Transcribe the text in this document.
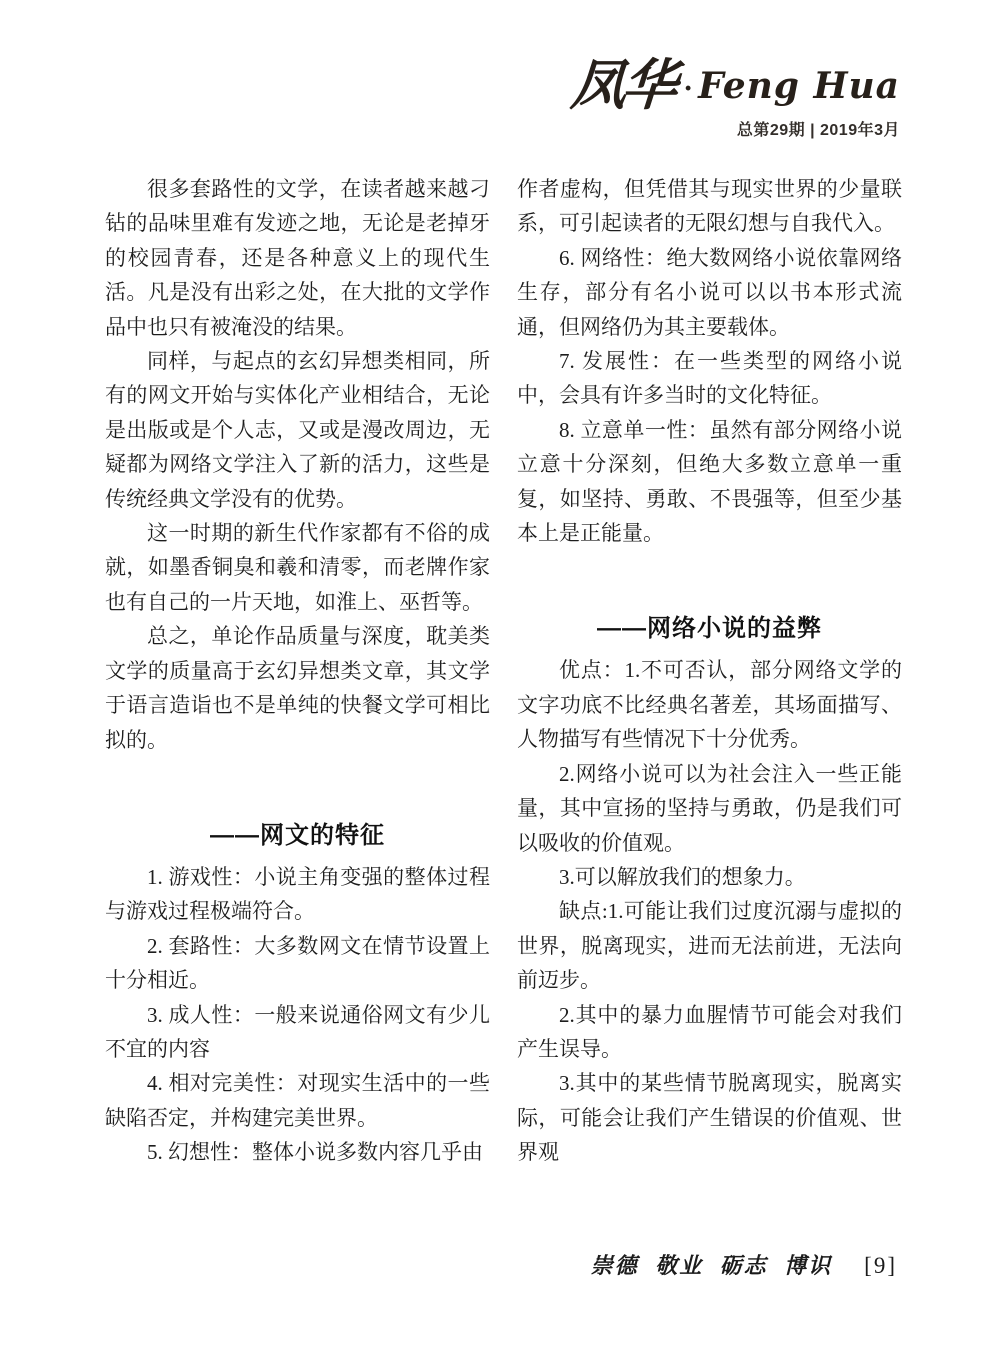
凤华 · Feng Hua
总第29期 | 2019年3月

很多套路性的文学，在读者越来越刁钻的品味里难有发迹之地，无论是老掉牙的校园青春，还是各种意义上的现代生活。凡是没有出彩之处，在大批的文学作品中也只有被淹没的结果。

同样，与起点的玄幻异想类相同，所有的网文开始与实体化产业相结合，无论是出版或是个人志，又或是漫改周边，无疑都为网络文学注入了新的活力，这些是传统经典文学没有的优势。

这一时期的新生代作家都有不俗的成就，如墨香铜臭和羲和清零，而老牌作家也有自己的一片天地，如淮上、巫哲等。

总之，单论作品质量与深度，耽美类文学的质量高于玄幻异想类文章，其文学于语言造诣也不是单纯的快餐文学可相比拟的。

——网文的特征

1. 游戏性：小说主角变强的整体过程与游戏过程极端符合。

2. 套路性：大多数网文在情节设置上十分相近。

3. 成人性：一般来说通俗网文有少儿不宜的内容

4. 相对完美性：对现实生活中的一些缺陷否定，并构建完美世界。

5. 幻想性：整体小说多数内容几乎由

作者虚构，但凭借其与现实世界的少量联系，可引起读者的无限幻想与自我代入。

6. 网络性：绝大数网络小说依靠网络生存，部分有名小说可以以书本形式流通，但网络仍为其主要载体。

7. 发展性：在一些类型的网络小说中，会具有许多当时的文化特征。

8. 立意单一性：虽然有部分网络小说立意十分深刻，但绝大多数立意单一重复，如坚持、勇敢、不畏强等，但至少基本上是正能量。

——网络小说的益弊

优点：1.不可否认，部分网络文学的文字功底不比经典名著差，其场面描写、人物描写有些情况下十分优秀。

2.网络小说可以为社会注入一些正能量，其中宣扬的坚持与勇敢，仍是我们可以吸收的价值观。

3.可以解放我们的想象力。

缺点:1.可能让我们过度沉溺与虚拟的世界，脱离现实，进而无法前进，无法向前迈步。

2.其中的暴力血腥情节可能会对我们产生误导。

3.其中的某些情节脱离现实，脱离实际，可能会让我们产生错误的价值观、世界观

崇德 敬业 砺志 博识 [9]
